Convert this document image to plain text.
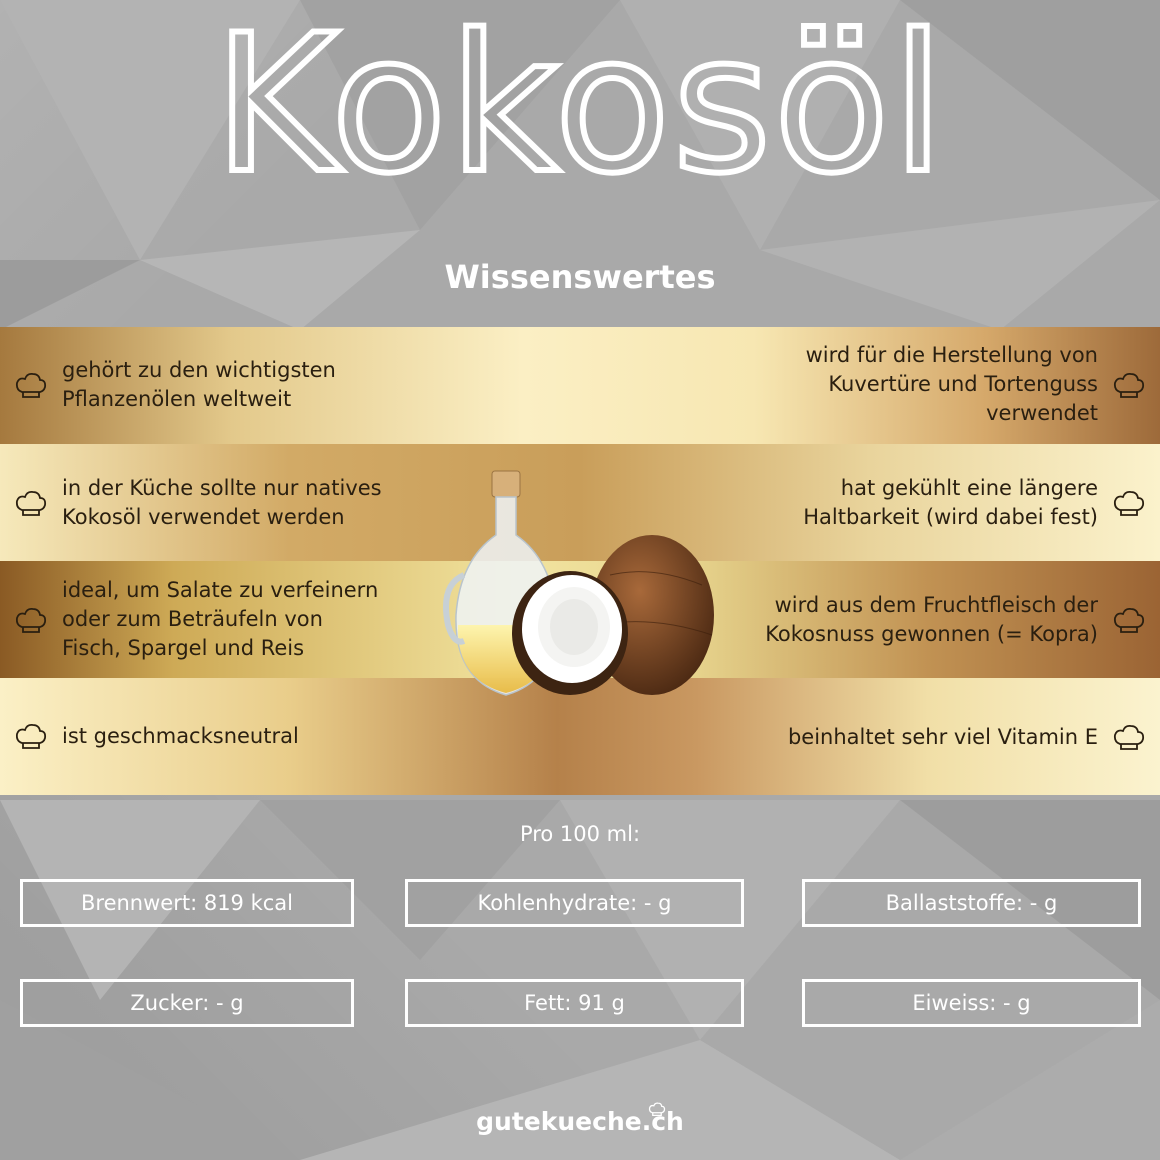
Kokosöl
Wissenswertes
gehört zu den wichtigsten
Pflanzenölen weltweit
in der Küche sollte nur natives
Kokosöl verwendet werden
ideal, um Salate zu verfeinern
oder zum Beträufeln von
Fisch, Spargel und Reis
ist geschmacksneutral
wird für die Herstellung von
Kuvertüre und Tortenguss
verwendet
hat gekühlt eine längere
Haltbarkeit (wird dabei fest)
wird aus dem Fruchtfleisch der
Kokosnuss gewonnen (= Kopra)
beinhaltet sehr viel Vitamin E
Pro 100 ml:
Brennwert: 819 kcal	Kohlenhydrate: - g	Ballaststoffe: - g
Zucker: - g	Fett: 91 g	Eiweiss: - g
gutekueche.ch
